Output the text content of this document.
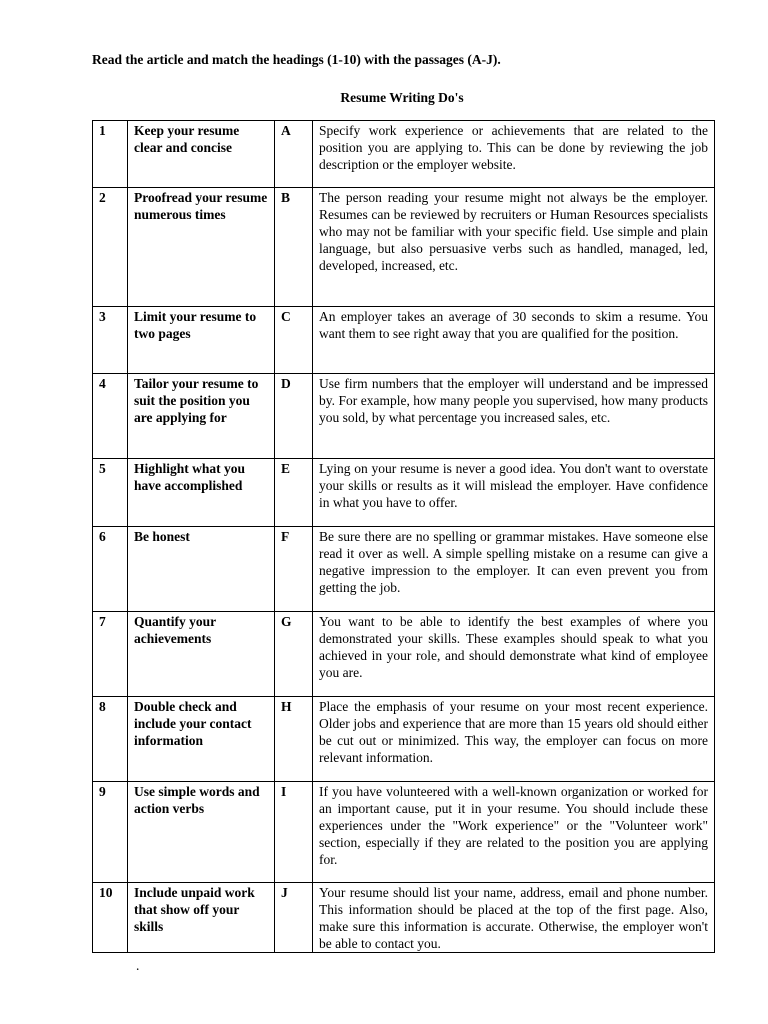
Read the article and match the headings (1-10) with the passages (A-J).

Resume Writing Do's

1	Keep your resume clear and concise	A	Specify work experience or achievements that are related to the position you are applying to. This can be done by reviewing the job description or the employer website.
2	Proofread your resume numerous times	B	The person reading your resume might not always be the employer. Resumes can be reviewed by recruiters or Human Resources specialists who may not be familiar with your specific field. Use simple and plain language, but also persuasive verbs such as handled, managed, led, developed, increased, etc.
3	Limit your resume to two pages	C	An employer takes an average of 30 seconds to skim a resume. You want them to see right away that you are qualified for the position.
4	Tailor your resume to suit the position you are applying for	D	Use firm numbers that the employer will understand and be impressed by. For example, how many people you supervised, how many products you sold, by what percentage you increased sales, etc.
5	Highlight what you have accomplished	E	Lying on your resume is never a good idea. You don't want to overstate your skills or results as it will mislead the employer. Have confidence in what you have to offer.
6	Be honest	F	Be sure there are no spelling or grammar mistakes. Have someone else read it over as well. A simple spelling mistake on a resume can give a negative impression to the employer. It can even prevent you from getting the job.
7	Quantify your achievements	G	You want to be able to identify the best examples of where you demonstrated your skills. These examples should speak to what you achieved in your role, and should demonstrate what kind of employee you are.
8	Double check and include your contact information	H	Place the emphasis of your resume on your most recent experience. Older jobs and experience that are more than 15 years old should either be cut out or minimized. This way, the employer can focus on more relevant information.
9	Use simple words and action verbs	I	If you have volunteered with a well-known organization or worked for an important cause, put it in your resume. You should include these experiences under the "Work experience" or the "Volunteer work" section, especially if they are related to the position you are applying for.
10	Include unpaid work that show off your skills	J	Your resume should list your name, address, email and phone number. This information should be placed at the top of the first page. Also, make sure this information is accurate. Otherwise, the employer won't be able to contact you.
.
